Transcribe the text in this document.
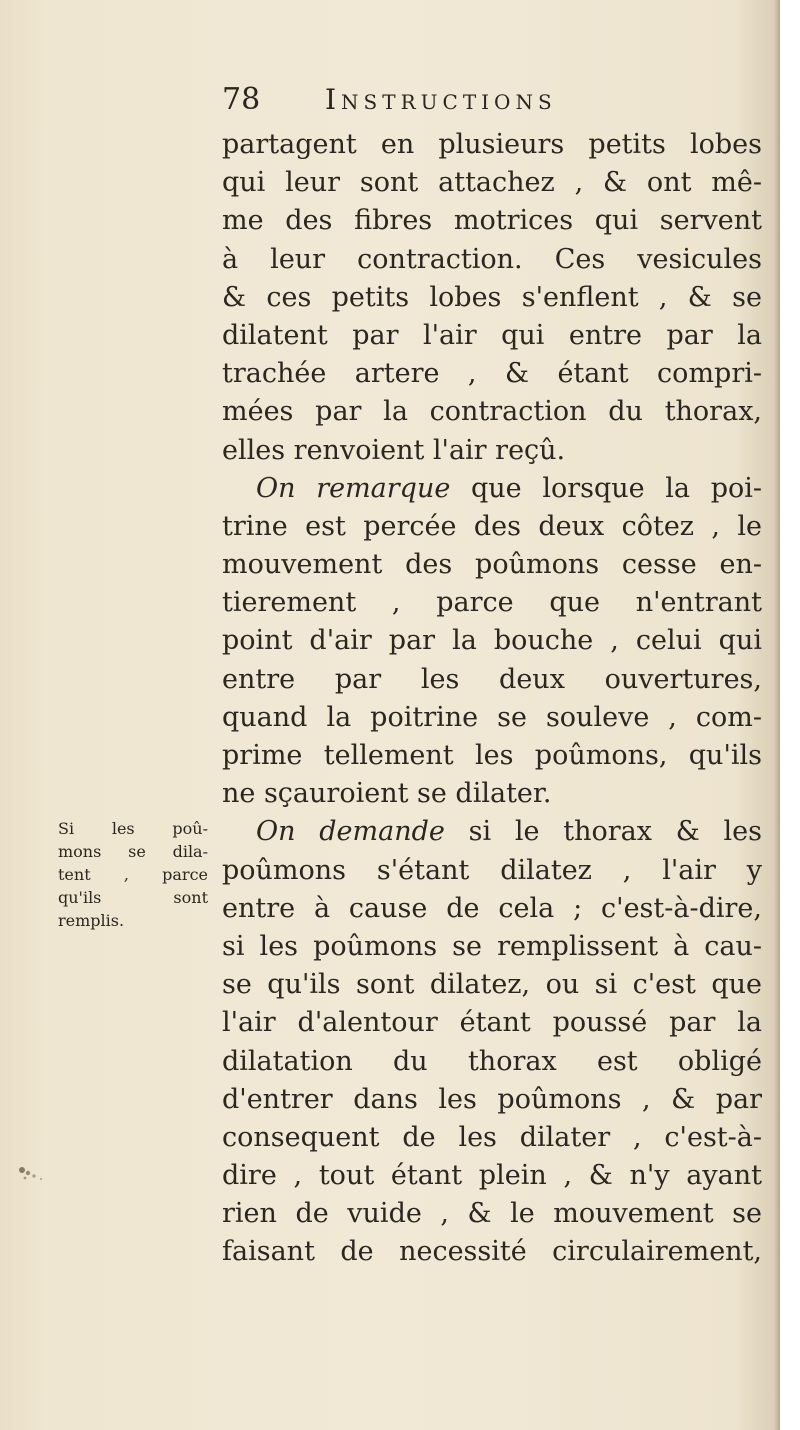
78 Instructions
partagent en plusieurs petits lobes
qui leur sont attachez , & ont mê-
me des fibres motrices qui servent
à leur contraction. Ces vesicules
& ces petits lobes s'enflent , & se
dilatent par l'air qui entre par la
trachée artere , & étant compri-
mées par la contraction du thorax,
elles renvoient l'air reçû.
On remarque que lorsque la poi-
trine est percée des deux côtez , le
mouvement des poûmons cesse en-
tierement , parce que n'entrant
point d'air par la bouche , celui qui
entre par les deux ouvertures,
quand la poitrine se souleve , com-
prime tellement les poûmons, qu'ils
ne sçauroient se dilater.
On demande si le thorax & les
poûmons s'étant dilatez , l'air y
entre à cause de cela ; c'est-à-dire,
si les poûmons se remplissent à cau-
se qu'ils sont dilatez, ou si c'est que
l'air d'alentour étant poussé par la
dilatation du thorax est obligé
d'entrer dans les poûmons , & par
consequent de les dilater , c'est-à-
dire , tout étant plein , & n'y ayant
rien de vuide , & le mouvement se
faisant de necessité circulairement,
Si les poû-
mons se dila-
tent , parce
qu'ils sont
remplis.
